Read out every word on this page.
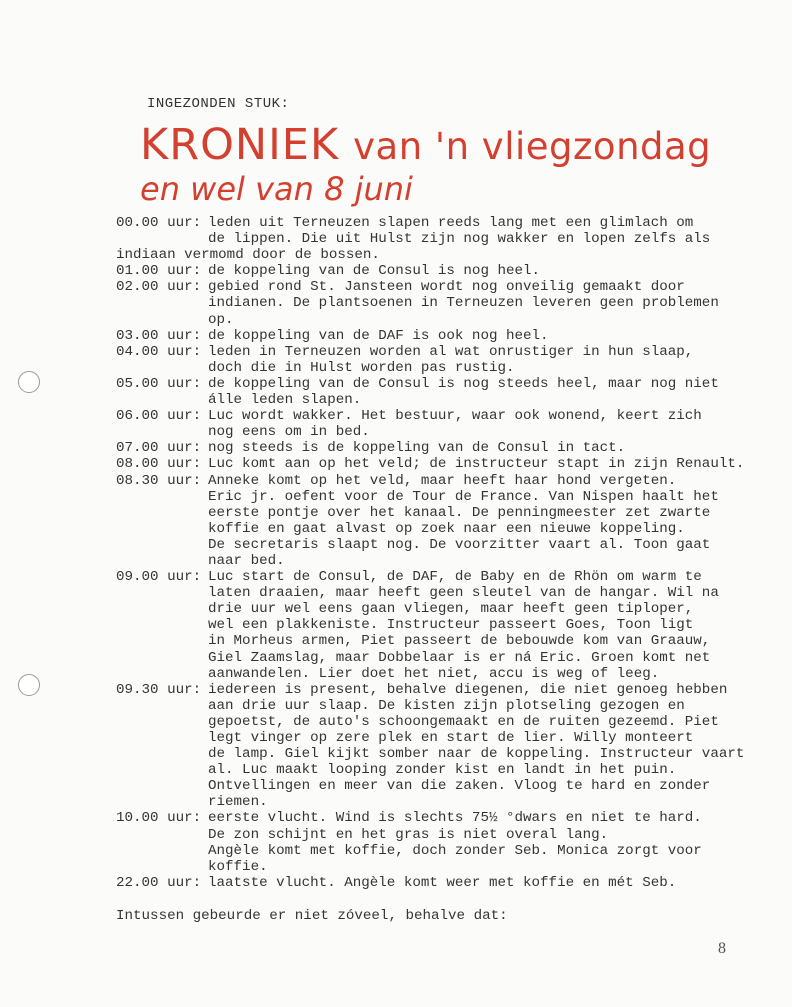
INGEZONDEN STUK:
KRONIEK van 'n vliegzondag
en wel van 8 juni
00.00 uur: leden uit Terneuzen slapen reeds lang met een glimlach om
de lippen. Die uit Hulst zijn nog wakker en lopen zelfs als
indiaan vermomd door de bossen.
01.00 uur: de koppeling van de Consul is nog heel.
02.00 uur: gebied rond St. Jansteen wordt nog onveilig gemaakt door
indianen. De plantsoenen in Terneuzen leveren geen problemen
op.
03.00 uur: de koppeling van de DAF is ook nog heel.
04.00 uur: leden in Terneuzen worden al wat onrustiger in hun slaap,
doch die in Hulst worden pas rustig.
05.00 uur: de koppeling van de Consul is nog steeds heel, maar nog niet
álle leden slapen.
06.00 uur: Luc wordt wakker. Het bestuur, waar ook wonend, keert zich
nog eens om in bed.
07.00 uur: nog steeds is de koppeling van de Consul in tact.
08.00 uur: Luc komt aan op het veld; de instructeur stapt in zijn Renault.
08.30 uur: Anneke komt op het veld, maar heeft haar hond vergeten.
Eric jr. oefent voor de Tour de France. Van Nispen haalt het
eerste pontje over het kanaal. De penningmeester zet zwarte
koffie en gaat alvast op zoek naar een nieuwe koppeling.
De secretaris slaapt nog. De voorzitter vaart al. Toon gaat
naar bed.
09.00 uur: Luc start de Consul, de DAF, de Baby en de Rhön om warm te
laten draaien, maar heeft geen sleutel van de hangar. Wil na
drie uur wel eens gaan vliegen, maar heeft geen tiploper,
wel een plakkeniste. Instructeur passeert Goes, Toon ligt
in Morheus armen, Piet passeert de bebouwde kom van Graauw,
Giel Zaamslag, maar Dobbelaar is er ná Eric. Groen komt net
aanwandelen. Lier doet het niet, accu is weg of leeg.
09.30 uur: iedereen is present, behalve diegenen, die niet genoeg hebben
aan drie uur slaap. De kisten zijn plotseling gezogen en
gepoetst, de auto's schoongemaakt en de ruiten gezeemd. Piet
legt vinger op zere plek en start de lier. Willy monteert
de lamp. Giel kijkt somber naar de koppeling. Instructeur vaart
al. Luc maakt looping zonder kist en landt in het puin.
Ontvellingen en meer van die zaken. Vloog te hard en zonder
riemen.
10.00 uur: eerste vlucht. Wind is slechts 75½ °dwars en niet te hard.
De zon schijnt en het gras is niet overal lang.
Angèle komt met koffie, doch zonder Seb. Monica zorgt voor
koffie.
22.00 uur: laatste vlucht. Angèle komt weer met koffie en mét Seb.
Intussen gebeurde er niet zóveel, behalve dat:
8
